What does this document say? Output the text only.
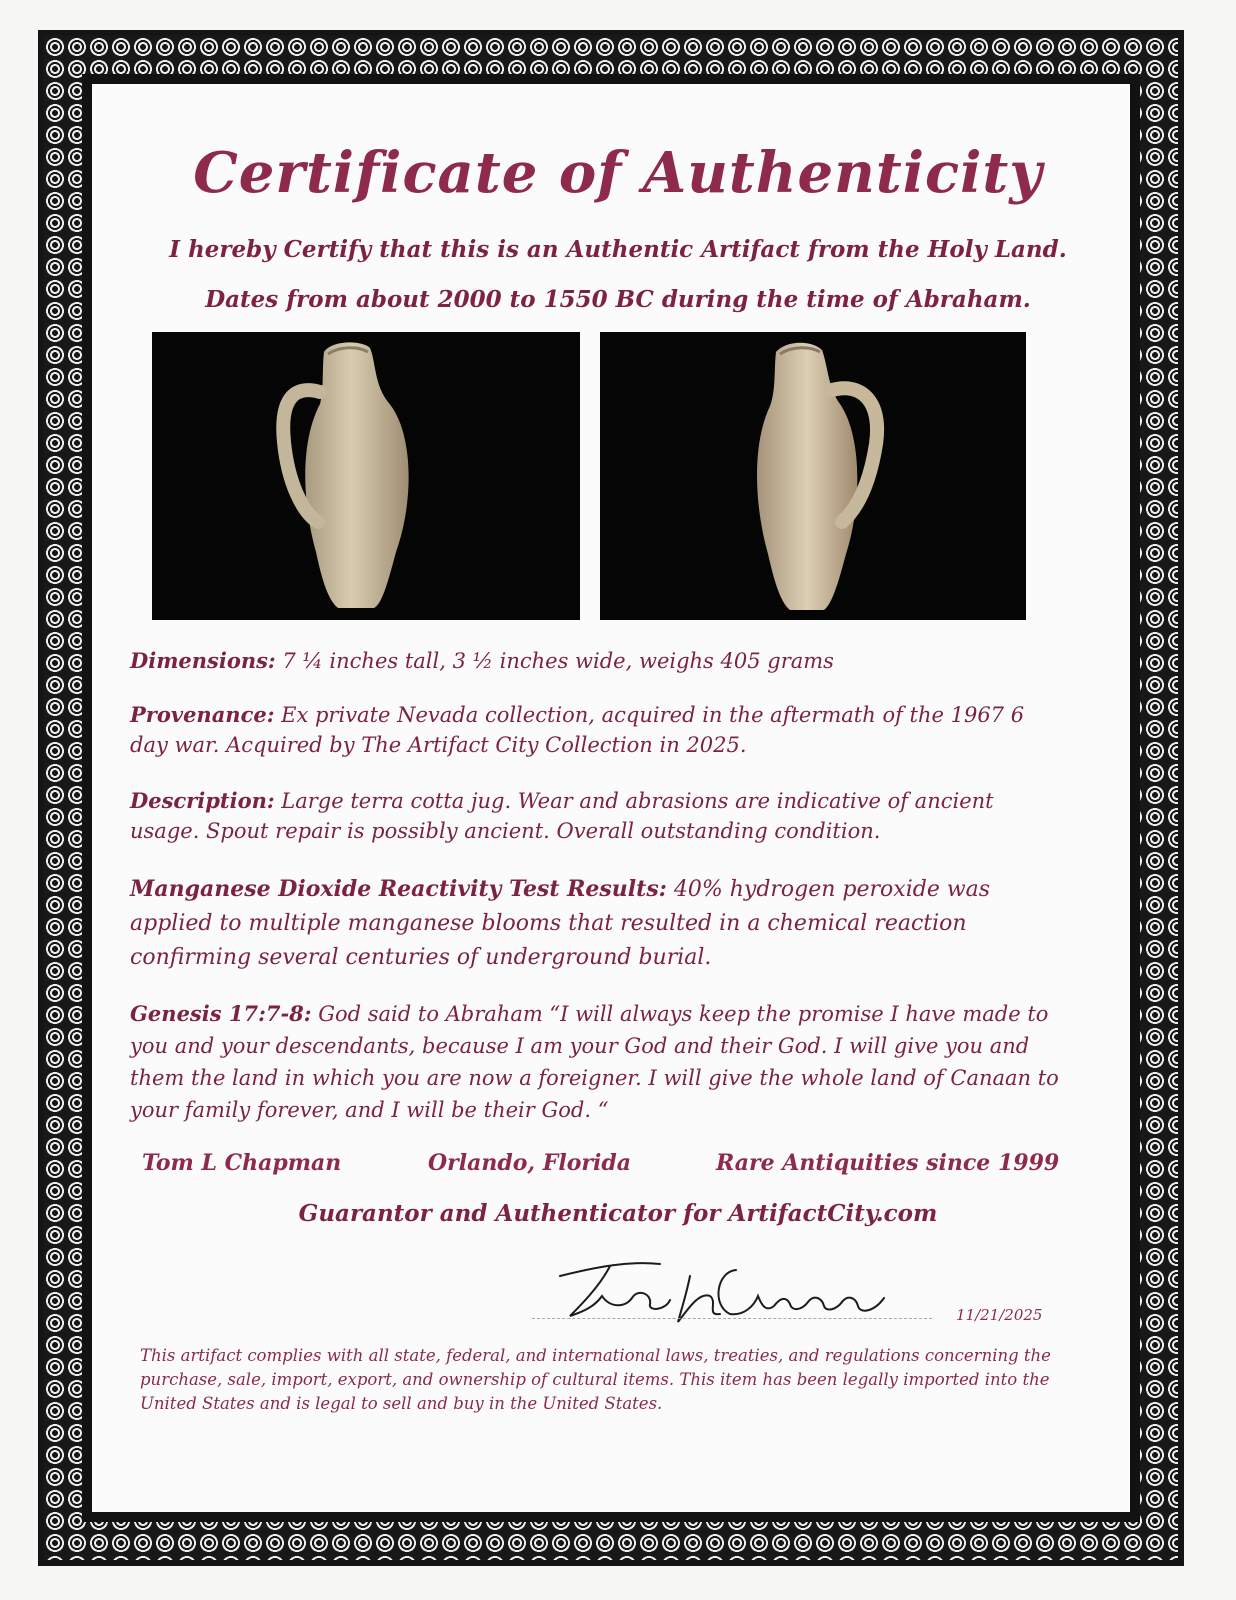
Certificate of Authenticity
I hereby Certify that this is an Authentic Artifact from the Holy Land.
Dates from about 2000 to 1550 BC during the time of Abraham.
Dimensions: 7 ¼ inches tall, 3 ½ inches wide, weighs 405 grams
Provenance: Ex private Nevada collection, acquired in the aftermath of the 1967 6 day war. Acquired by The Artifact City Collection in 2025.
Description: Large terra cotta jug. Wear and abrasions are indicative of ancient usage. Spout repair is possibly ancient. Overall outstanding condition.
Manganese Dioxide Reactivity Test Results: 40% hydrogen peroxide was applied to multiple manganese blooms that resulted in a chemical reaction confirming several centuries of underground burial.
Genesis 17:7-8: God said to Abraham “I will always keep the promise I have made to you and your descendants, because I am your God and their God. I will give you and them the land in which you are now a foreigner. I will give the whole land of Canaan to your family forever, and I will be their God. “
Tom L Chapman	Orlando, Florida	Rare Antiquities since 1999
Guarantor and Authenticator for ArtifactCity.com
11/21/2025
This artifact complies with all state, federal, and international laws, treaties, and regulations concerning the purchase, sale, import, export, and ownership of cultural items. This item has been legally imported into the United States and is legal to sell and buy in the United States.
